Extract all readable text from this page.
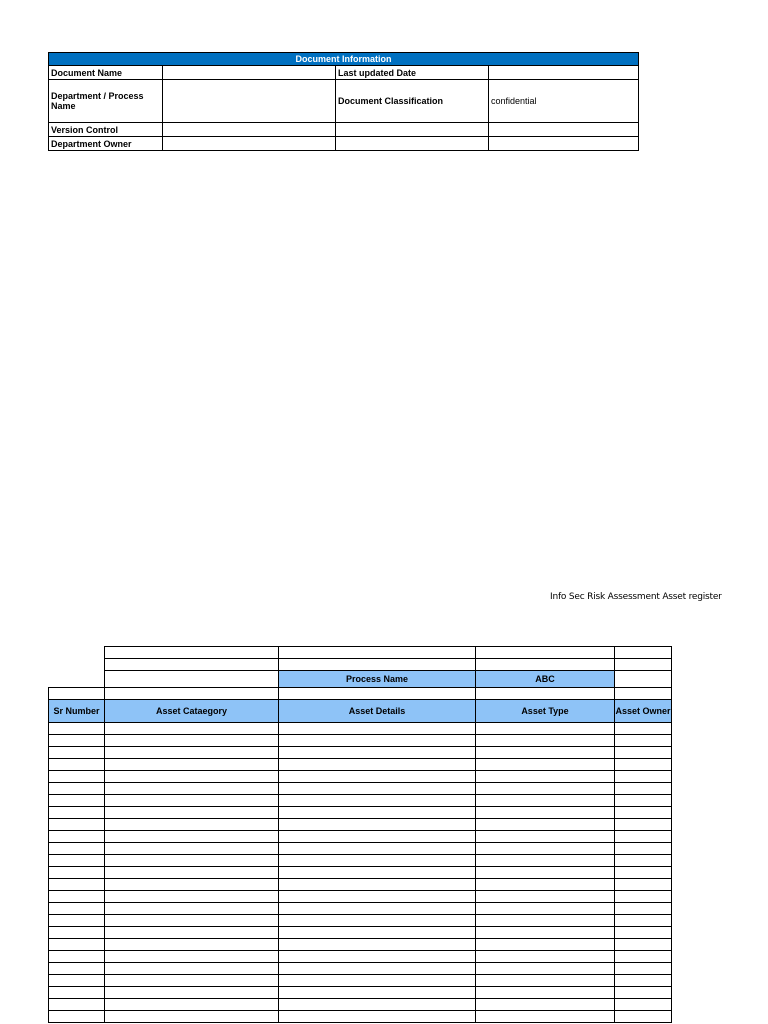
Document Information			
Document Name		Last updated Date	
Department / Process Name		Document Classification	confidential
Version Control			
Department Owner			
Info Sec Risk Assessment Asset register

		Process Name	ABC	

Sr Number	Asset Cataegory	Asset Details	Asset Type	Asset Owner
